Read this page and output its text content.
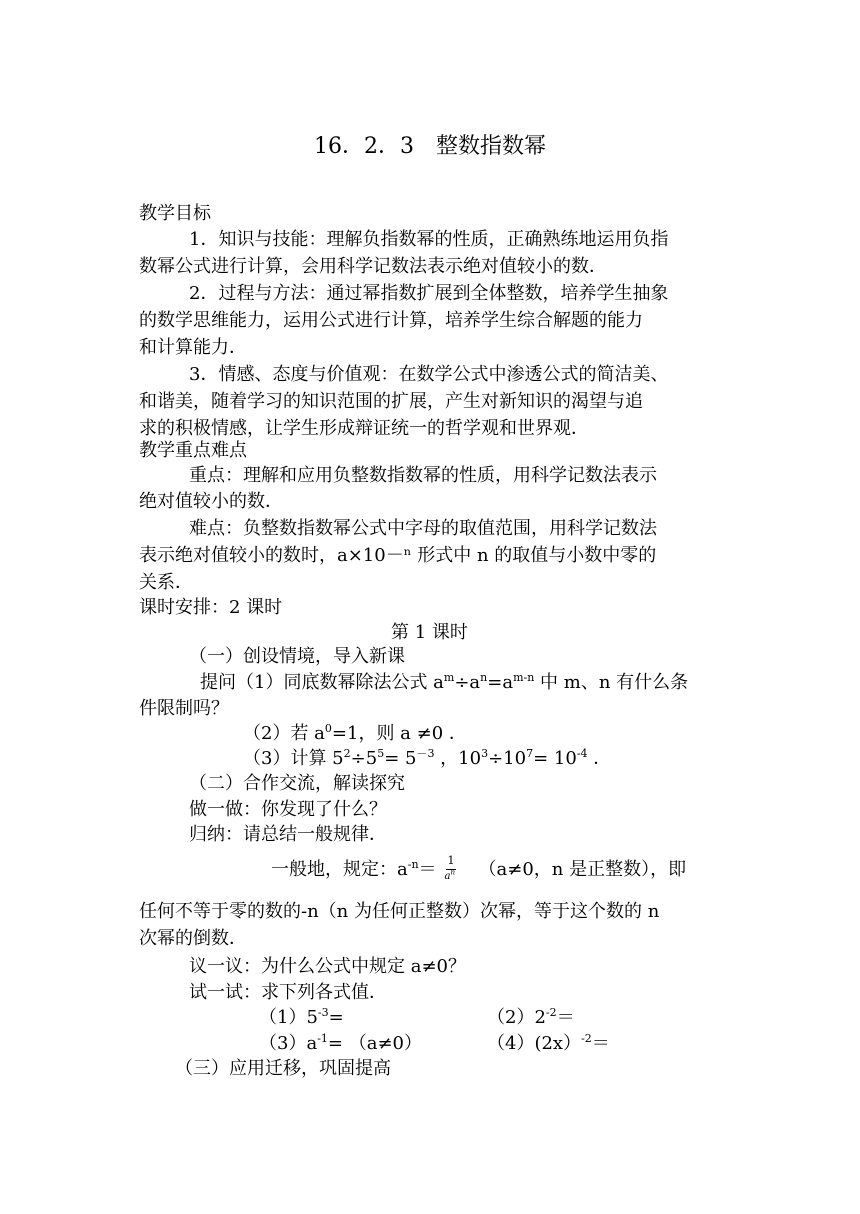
16．2．3　整数指数幂
教学目标
1．知识与技能：理解负指数幂的性质，正确熟练地运用负指
数幂公式进行计算，会用科学记数法表示绝对值较小的数．
2．过程与方法：通过幂指数扩展到全体整数，培养学生抽象
的数学思维能力，运用公式进行计算，培养学生综合解题的能力
和计算能力．
3．情感、态度与价值观：在数学公式中渗透公式的简洁美、
和谐美，随着学习的知识范围的扩展，产生对新知识的渴望与追
求的积极情感，让学生形成辩证统一的哲学观和世界观．
教学重点难点
重点：理解和应用负整数指数幂的性质，用科学记数法表示
绝对值较小的数．
难点：负整数指数幂公式中字母的取值范围，用科学记数法
表示绝对值较小的数时，a×10－ⁿ 形式中 n 的取值与小数中零的
关系．
课时安排：2 课时
第 1 课时
（一）创设情境，导入新课
提问（1）同底数幂除法公式 $a^m\div a^n=a^{m-n}$ 中 m、n 有什么条
件限制吗？
（2）若 $a^0=1$，则 a ≠0 ．
（3）计算 $5^2\div 5^5= 5^{-3}$ ，$10^3\div 10^7= 10^{-4}$ ．
（二）合作交流，解读探究
做一做：你发现了什么？
归纳：请总结一般规律．
一般地，规定：$a^{-n}= \frac{1}{a^n} (a\ne 0$，n 是正整数），即
任何不等于零的数的-n（n 为任何正整数）次幂，等于这个数的 n
次幂的倒数．
议一议：为什么公式中规定 a≠0？
试一试：求下列各式值．
$(1)5^{-3}=$	$(2)2^{-2}=$
$(3)a^{-1}= (a\ne 0)$	（4）(2x）$^{-2}$＝
（三）应用迁移，巩固提高
